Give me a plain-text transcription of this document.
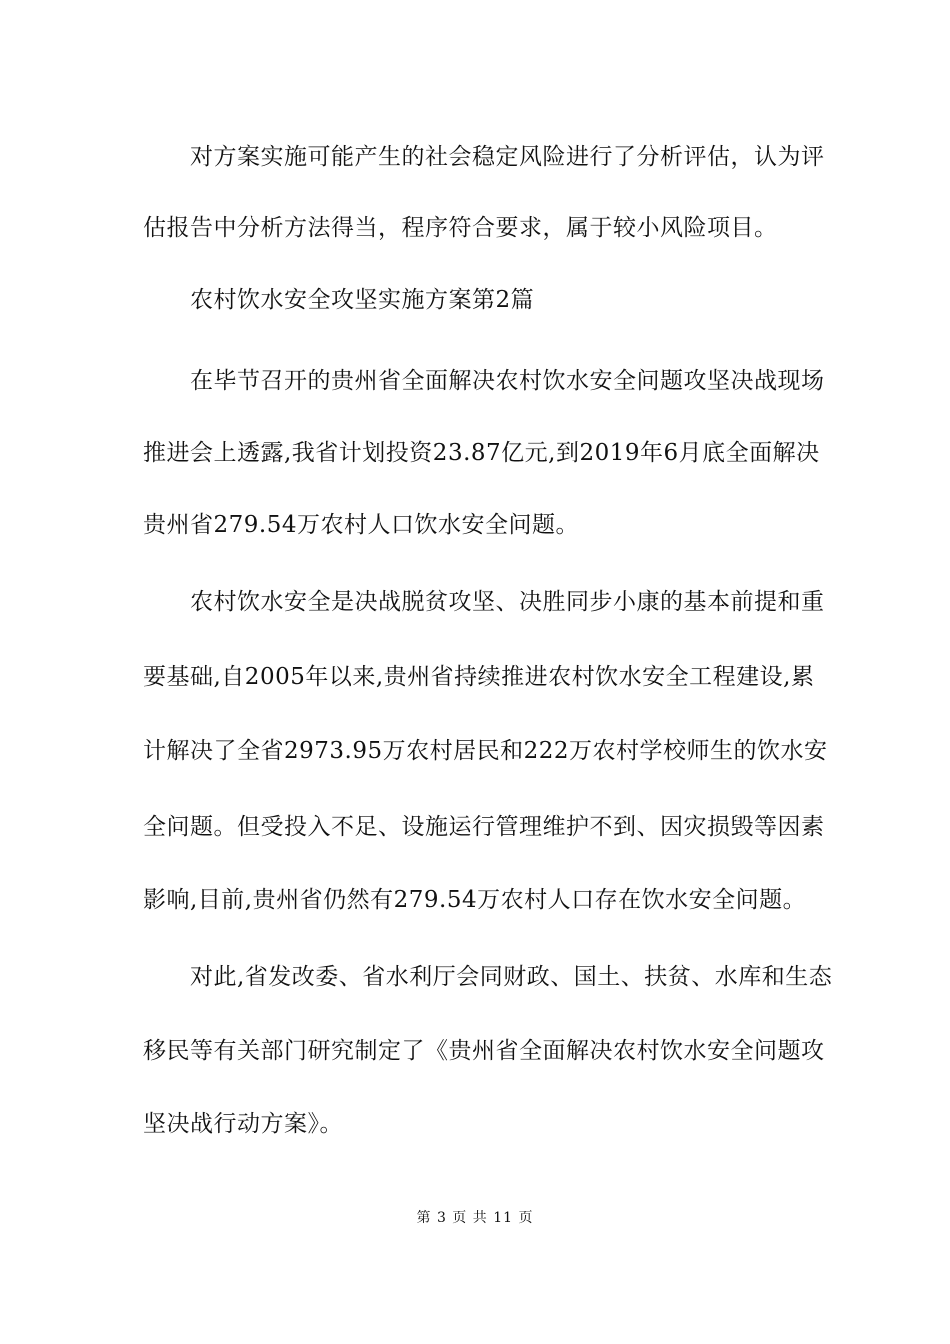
对方案实施可能产生的社会稳定风险进行了分析评估，认为评
估报告中分析方法得当，程序符合要求，属于较小风险项目。
农村饮水安全攻坚实施方案第2篇
在毕节召开的贵州省全面解决农村饮水安全问题攻坚决战现场
推进会上透露,我省计划投资23.87亿元,到2019年6月底全面解决
贵州省279.54万农村人口饮水安全问题。
农村饮水安全是决战脱贫攻坚、决胜同步小康的基本前提和重
要基础,自2005年以来,贵州省持续推进农村饮水安全工程建设,累
计解决了全省2973.95万农村居民和222万农村学校师生的饮水安
全问题。但受投入不足、设施运行管理维护不到、因灾损毁等因素
影响,目前,贵州省仍然有279.54万农村人口存在饮水安全问题。
对此,省发改委、省水利厅会同财政、国土、扶贫、水库和生态
移民等有关部门研究制定了《贵州省全面解决农村饮水安全问题攻
坚决战行动方案》。
第 3 页 共 11 页
